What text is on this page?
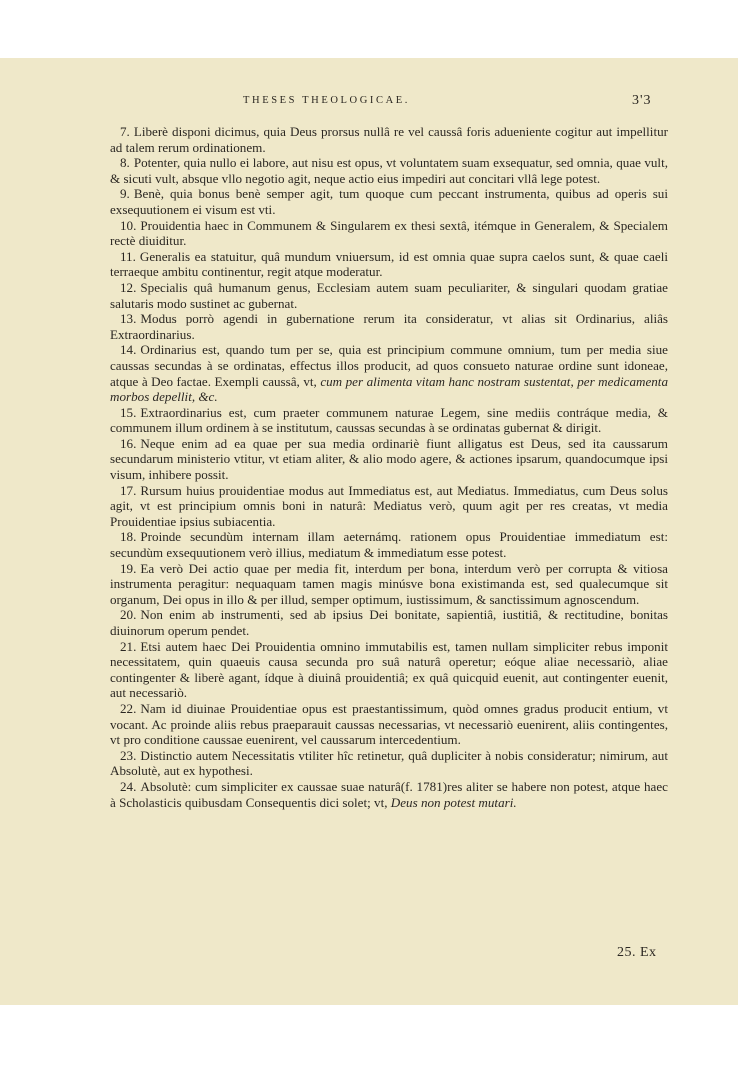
THESES THEOLOGICAE.	3'3

7. Liberè disponi dicimus, quia Deus prorsus nullâ re vel caussâ foris adueniente cogitur aut impellitur ad talem rerum ordinationem.

8. Potenter, quia nullo ei labore, aut nisu est opus, vt voluntatem suam exsequatur, sed omnia, quae vult, & sicuti vult, absque vllo negotio agit, neque actio eius impediri aut concitari vllâ lege potest.

9. Benè, quia bonus benè semper agit, tum quoque cum peccant instrumenta, quibus ad operis sui exsequutionem ei visum est vti.

10. Prouidentia haec in Communem & Singularem ex thesi sextâ, itémque in Generalem, & Specialem rectè diuiditur.

11. Generalis ea statuitur, quâ mundum vniuersum, id est omnia quae supra caelos sunt, & quae caeli terraeque ambitu continentur, regit atque moderatur.

12. Specialis quâ humanum genus, Ecclesiam autem suam peculiariter, & singulari quodam gratiae salutaris modo sustinet ac gubernat.

13. Modus porrò agendi in gubernatione rerum ita consideratur, vt alias sit Ordinarius, aliâs Extraordinarius.

14. Ordinarius est, quando tum per se, quia est principium commune omnium, tum per media siue caussas secundas à se ordinatas, effectus illos producit, ad quos consueto naturae ordine sunt idoneae, atque à Deo factae. Exempli caussâ, vt, cum per alimenta vitam hanc nostram sustentat, per medicamenta morbos depellit, &c.

15. Extraordinarius est, cum praeter communem naturae Legem, sine mediis contráque media, & communem illum ordinem à se institutum, caussas secundas à se ordinatas gubernat & dirigit.

16. Neque enim ad ea quae per sua media ordinariè fiunt alligatus est Deus, sed ita caussarum secundarum ministerio vtitur, vt etiam aliter, & alio modo agere, & actiones ipsarum, quandocumque ipsi visum, inhibere possit.

17. Rursum huius prouidentiae modus aut Immediatus est, aut Mediatus. Immediatus, cum Deus solus agit, vt est principium omnis boni in naturâ: Mediatus verò, quum agit per res creatas, vt media Prouidentiae ipsius subiacentia.

18. Proinde secundùm internam illam aeternámq. rationem opus Prouidentiae immediatum est: secundùm exsequutionem verò illius, mediatum & immediatum esse potest.

19. Ea verò Dei actio quae per media fit, interdum per bona, interdum verò per corrupta & vitiosa instrumenta peragitur: nequaquam tamen magis minúsve bona existimanda est, sed qualecumque sit organum, Dei opus in illo & per illud, semper optimum, iustissimum, & sanctissimum agnoscendum.

20. Non enim ab instrumenti, sed ab ipsius Dei bonitate, sapientiâ, iustitiâ, & rectitudine, bonitas diuinorum operum pendet.

21. Etsi autem haec Dei Prouidentia omnino immutabilis est, tamen nullam simpliciter rebus imponit necessitatem, quin quaeuis causa secunda pro suâ naturâ operetur; eóque aliae necessariò, aliae contingenter & liberè agant, ídque à diuinâ prouidentiâ; ex quâ quicquid euenit, aut contingenter euenit, aut necessariò.

22. Nam id diuinae Prouidentiae opus est praestantissimum, quòd omnes gradus producit entium, vt vocant. Ac proinde aliis rebus praeparauit caussas necessarias, vt necessariò euenirent, aliis contingentes, vt pro conditione caussae euenirent, vel caussarum intercedentium.

23. Distinctio autem Necessitatis vtiliter hîc retinetur, quâ dupliciter à nobis consideratur; nimirum, aut Absolutè, aut ex hypothesi.

24. Absolutè: cum simpliciter ex caussae suae naturâ(f. 1781)res aliter se habere non potest, atque haec à Scholasticis quibusdam Consequentis dici solet; vt, Deus non potest mutari.

25. Ex
